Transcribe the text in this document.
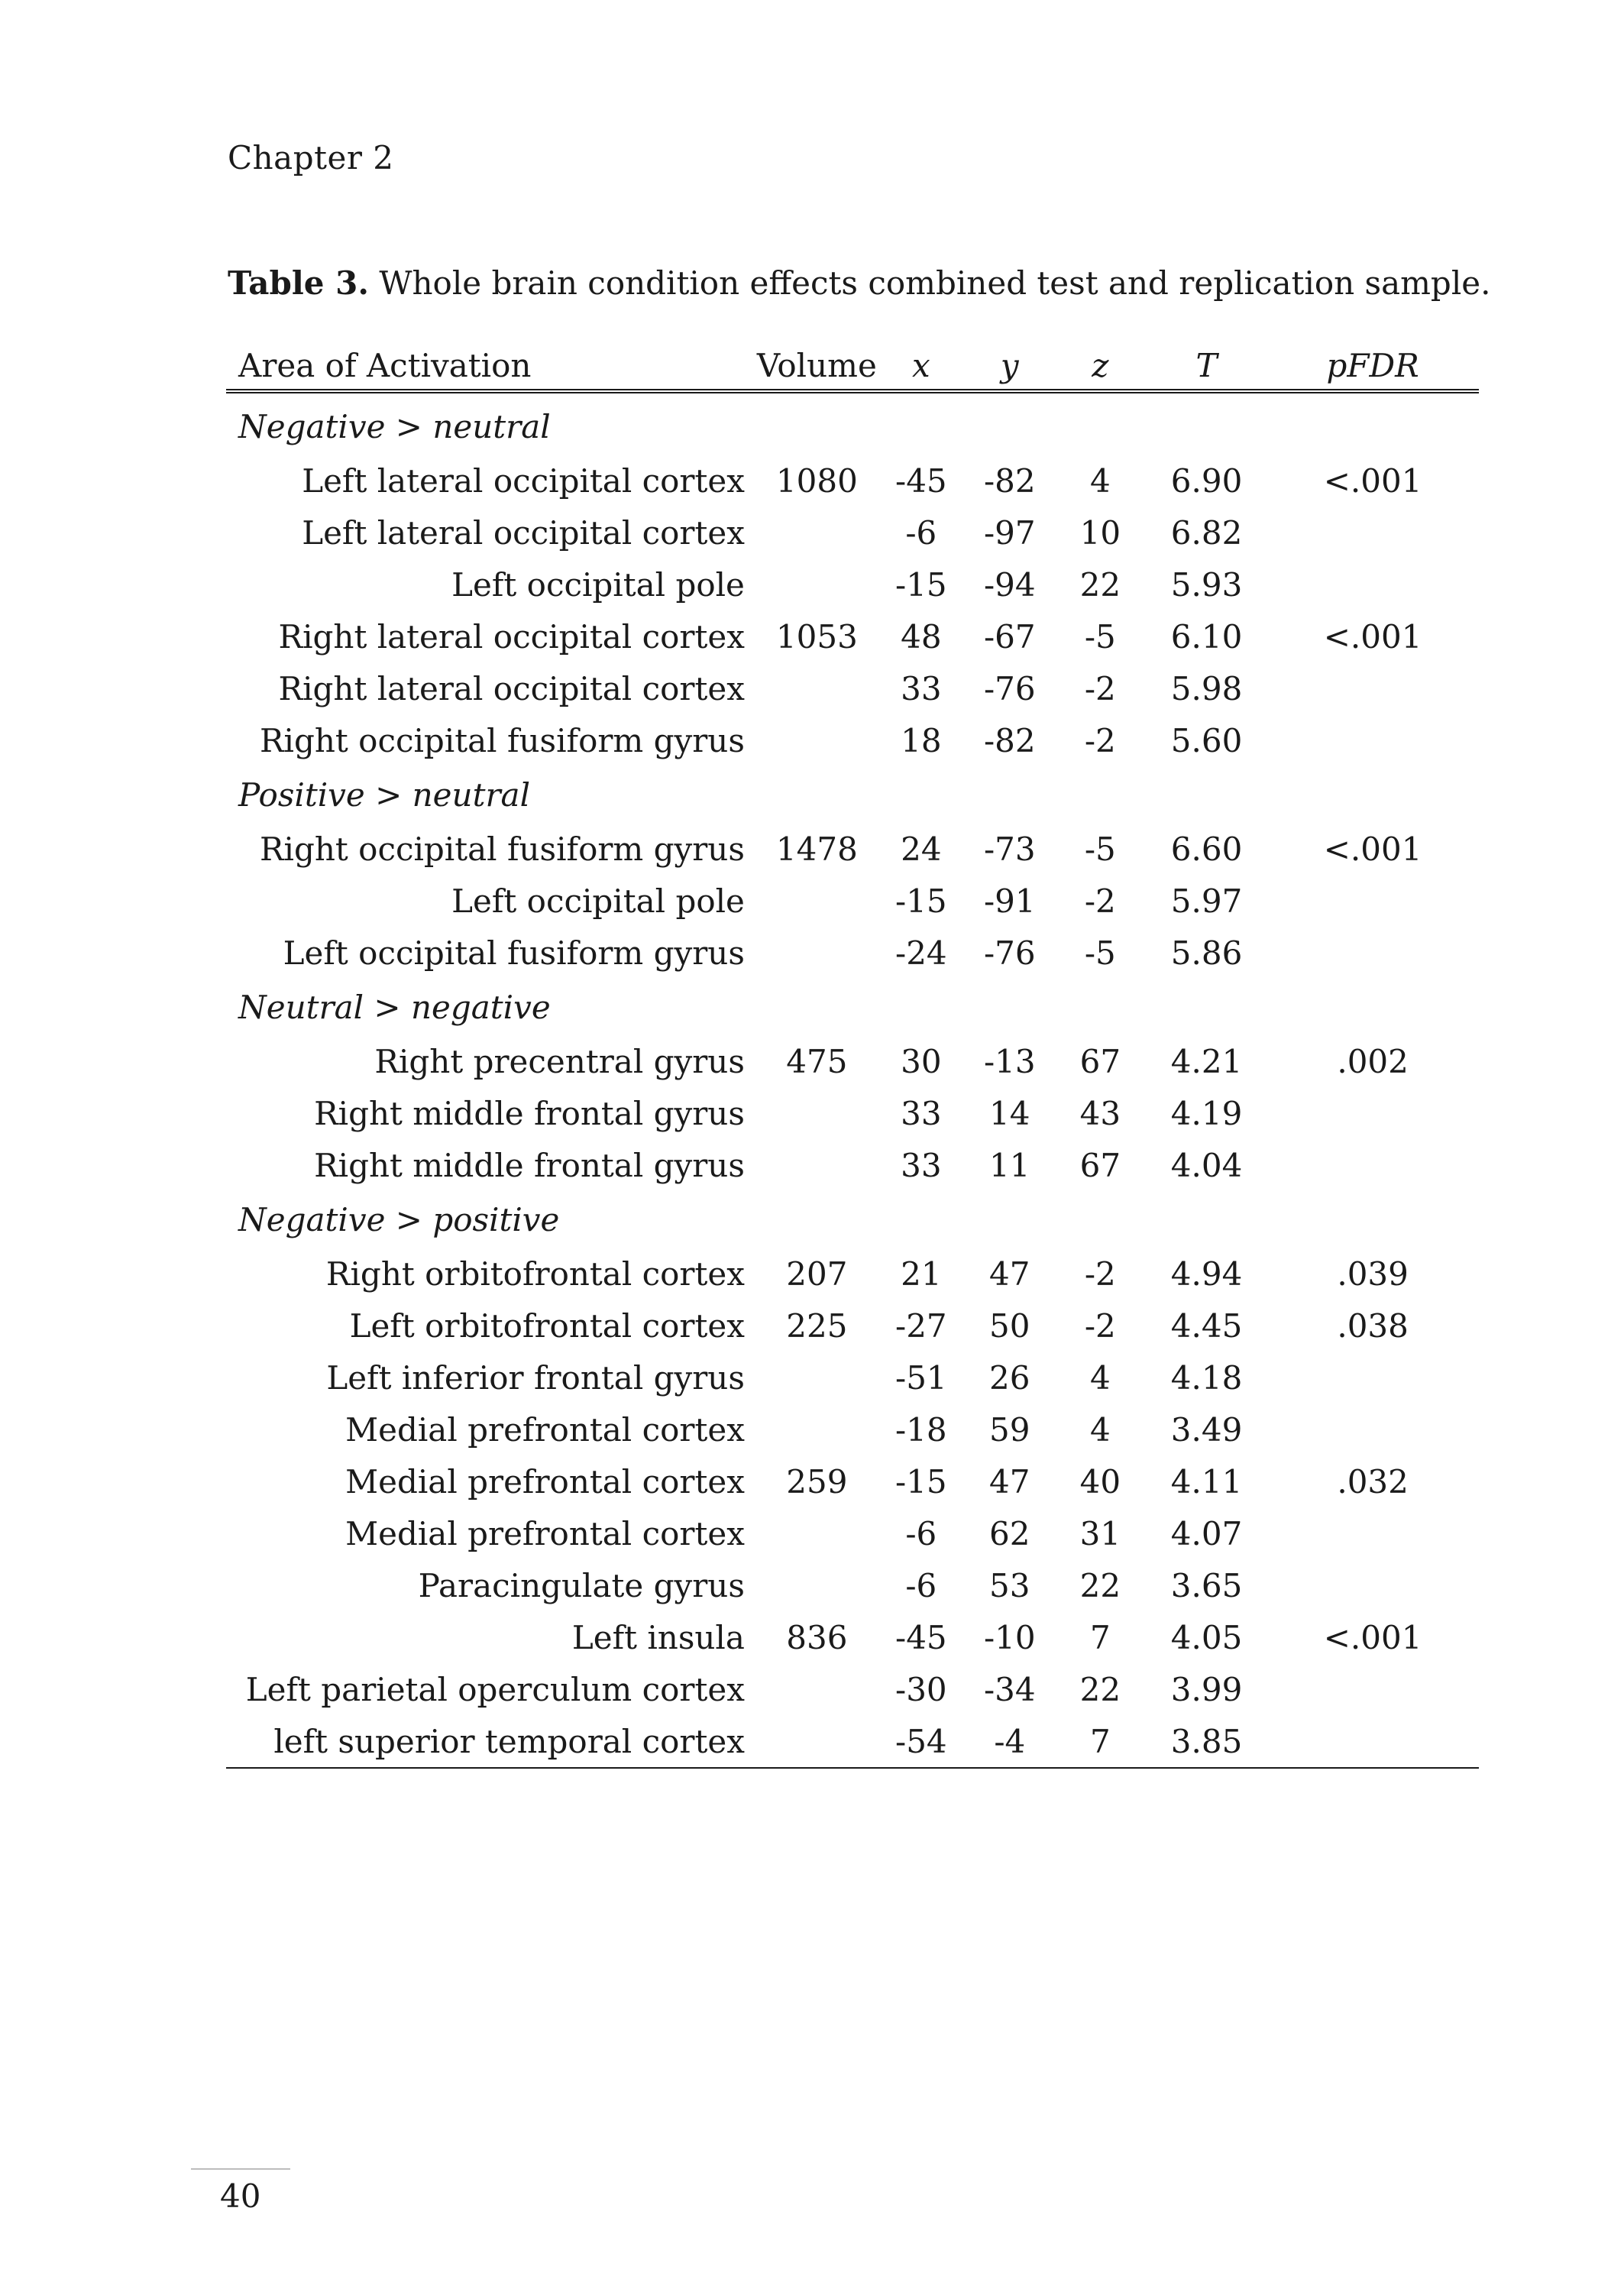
Chapter 2
Table 3. Whole brain condition effects combined test and replication sample.
Area of Activation	Volume	x	y	z	T	pFDR
Negative > neutral						
Left lateral occipital cortex	1080	-45	-82	4	6.90	<.001
Left lateral occipital cortex		-6	-97	10	6.82	
Left occipital pole		-15	-94	22	5.93	
Right lateral occipital cortex	1053	48	-67	-5	6.10	<.001
Right lateral occipital cortex		33	-76	-2	5.98	
Right occipital fusiform gyrus		18	-82	-2	5.60	
Positive > neutral						
Right occipital fusiform gyrus	1478	24	-73	-5	6.60	<.001
Left occipital pole		-15	-91	-2	5.97	
Left occipital fusiform gyrus		-24	-76	-5	5.86	
Neutral > negative						
Right precentral gyrus	475	30	-13	67	4.21	.002
Right middle frontal gyrus		33	14	43	4.19	
Right middle frontal gyrus		33	11	67	4.04	
Negative > positive						
Right orbitofrontal cortex	207	21	47	-2	4.94	.039
Left orbitofrontal cortex	225	-27	50	-2	4.45	.038
Left inferior frontal gyrus		-51	26	4	4.18	
Medial prefrontal cortex		-18	59	4	3.49	
Medial prefrontal cortex	259	-15	47	40	4.11	.032
Medial prefrontal cortex		-6	62	31	4.07	
Paracingulate gyrus		-6	53	22	3.65	
Left insula	836	-45	-10	7	4.05	<.001
Left parietal operculum cortex		-30	-34	22	3.99	
left superior temporal cortex		-54	-4	7	3.85	
40
